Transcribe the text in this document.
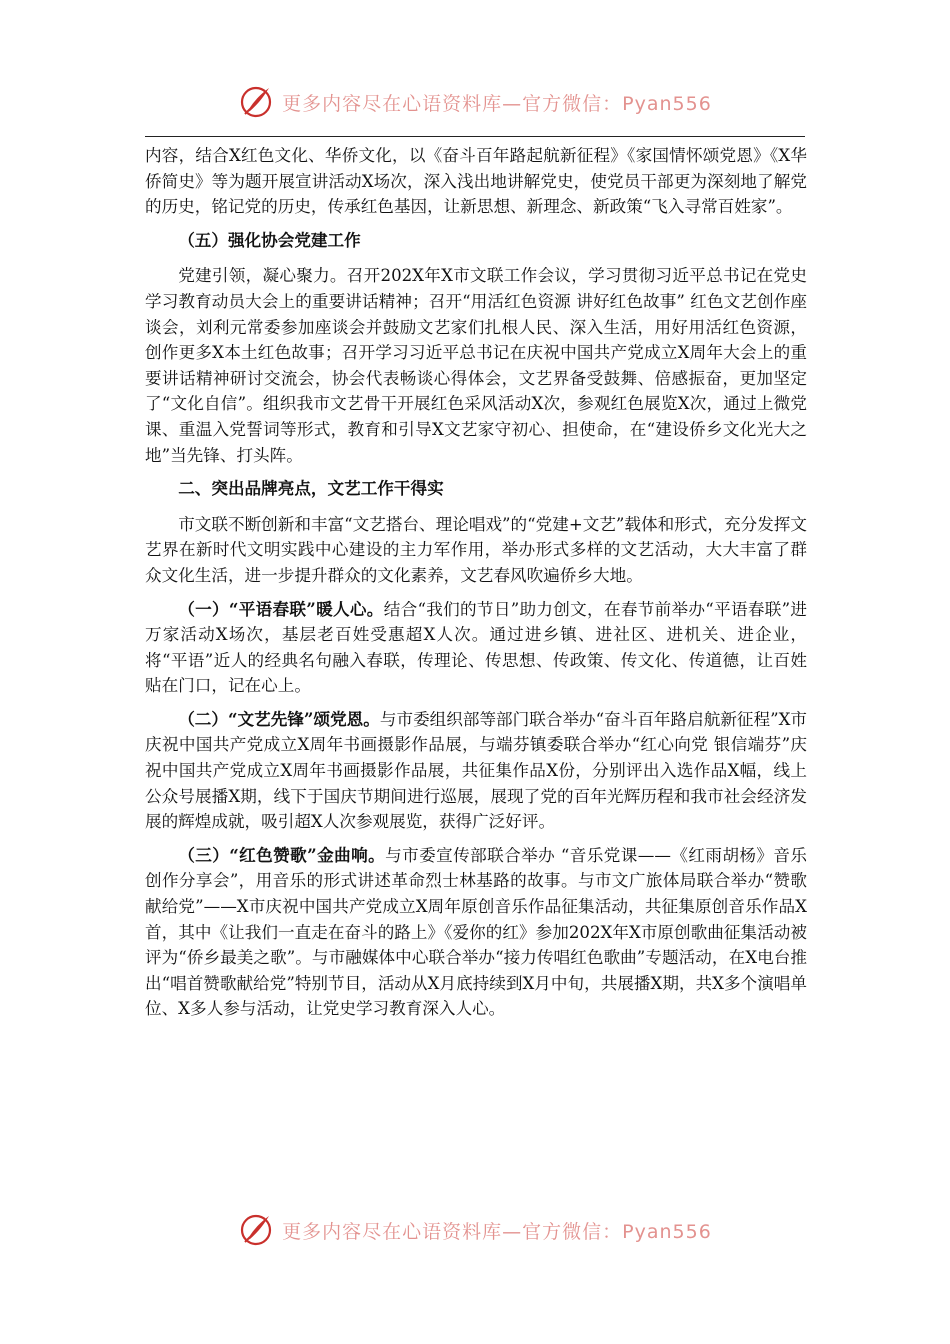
更多内容尽在心语资料库—官方微信：Pyan556

内容，结合X红色文化、华侨文化，以《奋斗百年路起航新征程》《家国情怀颂党恩》《X华侨简史》等为题开展宣讲活动X场次，深入浅出地讲解党史，使党员干部更为深刻地了解党的历史，铭记党的历史，传承红色基因，让新思想、新理念、新政策“飞入寻常百姓家”。

（五）强化协会党建工作

党建引领，凝心聚力。召开202X年X市文联工作会议，学习贯彻习近平总书记在党史学习教育动员大会上的重要讲话精神；召开“用活红色资源 讲好红色故事” 红色文艺创作座谈会，刘利元常委参加座谈会并鼓励文艺家们扎根人民、深入生活，用好用活红色资源，创作更多X本土红色故事；召开学习习近平总书记在庆祝中国共产党成立X周年大会上的重要讲话精神研讨交流会，协会代表畅谈心得体会，文艺界备受鼓舞、倍感振奋，更加坚定了“文化自信”。组织我市文艺骨干开展红色采风活动X次，参观红色展览X次，通过上微党课、重温入党誓词等形式，教育和引导X文艺家守初心、担使命，在“建设侨乡文化光大之地”当先锋、打头阵。

二、突出品牌亮点，文艺工作干得实

市文联不断创新和丰富“文艺搭台、理论唱戏”的“党建+文艺”载体和形式，充分发挥文艺界在新时代文明实践中心建设的主力军作用，举办形式多样的文艺活动，大大丰富了群众文化生活，进一步提升群众的文化素养，文艺春风吹遍侨乡大地。

（一）“平语春联”暖人心。结合“我们的节日”助力创文，在春节前举办“平语春联”进万家活动X场次，基层老百姓受惠超X人次。通过进乡镇、进社区、进机关、进企业，将“平语”近人的经典名句融入春联，传理论、传思想、传政策、传文化、传道德，让百姓贴在门口，记在心上。

（二）“文艺先锋”颂党恩。与市委组织部等部门联合举办“奋斗百年路启航新征程”X市庆祝中国共产党成立X周年书画摄影作品展，与端芬镇委联合举办“红心向党 银信端芬”庆祝中国共产党成立X周年书画摄影作品展，共征集作品X份，分别评出入选作品X幅，线上公众号展播X期，线下于国庆节期间进行巡展，展现了党的百年光辉历程和我市社会经济发展的辉煌成就，吸引超X人次参观展览，获得广泛好评。

（三）“红色赞歌”金曲响。与市委宣传部联合举办 “音乐党课——《红雨胡杨》音乐创作分享会”，用音乐的形式讲述革命烈士林基路的故事。与市文广旅体局联合举办“赞歌献给党”——X市庆祝中国共产党成立X周年原创音乐作品征集活动，共征集原创音乐作品X首，其中《让我们一直走在奋斗的路上》《爱你的红》参加202X年X市原创歌曲征集活动被评为“侨乡最美之歌”。与市融媒体中心联合举办“接力传唱红色歌曲”专题活动，在X电台推出“唱首赞歌献给党”特别节目，活动从X月底持续到X月中旬，共展播X期，共X多个演唱单位、X多人参与活动，让党史学习教育深入人心。

更多内容尽在心语资料库—官方微信：Pyan556
